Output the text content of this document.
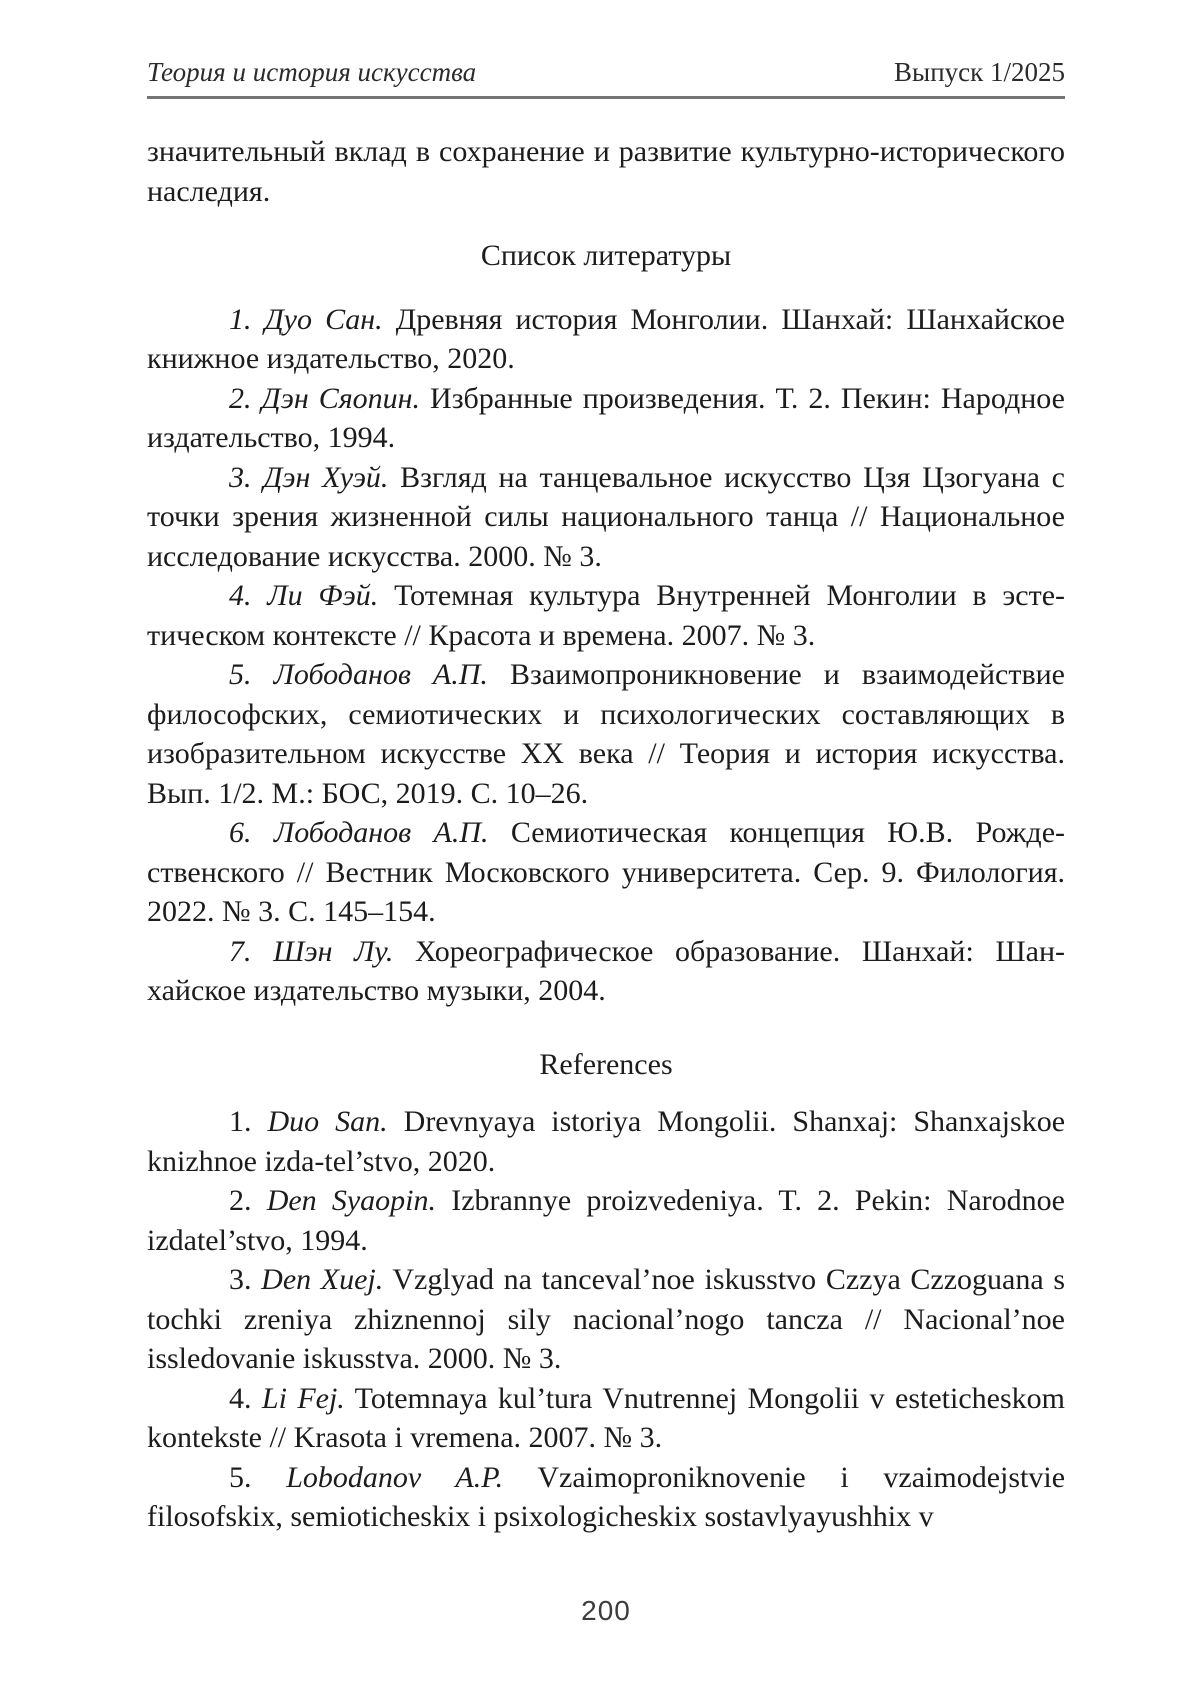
Теория и история искусства	Выпуск 1/2025

значительный вклад в сохранение и развитие культурно-исторического наследия.

Список литературы

1. Дуо Сан. Древняя история Монголии. Шанхай: Шанхайское книжное издательство, 2020.

2. Дэн Сяопин. Избранные произведения. Т. 2. Пекин: Народное издательство, 1994.

3. Дэн Хуэй. Взгляд на танцевальное искусство Цзя Цзогуана с точки зрения жизненной силы национального танца // Национальное исследование искусства. 2000. № 3.

4. Ли Фэй. Тотемная культура Внутренней Монголии в эстетическом контексте // Красота и времена. 2007. № 3.

5. Лободанов А.П. Взаимопроникновение и взаимодействие философских, семиотических и психологических составляющих в изобразительном искусстве XX века // Теория и история искусства. Вып. 1/2. М.: БОС, 2019. С. 10–26.

6. Лободанов А.П. Семиотическая концепция Ю.В. Рождественского // Вестник Московского университета. Сер. 9. Филология. 2022. № 3. С. 145–154.

7. Шэн Лу. Хореографическое образование. Шанхай: Шанхайское издательство музыки, 2004.

References

1. Duo San. Drevnyaya istoriya Mongolii. Shanxaj: Shanxajskoe knizhnoe izda-tel’stvo, 2020.

2. Den Syaopin. Izbrannye proizvedeniya. T. 2. Pekin: Narodnoe izdatel’stvo, 1994.

3. Den Xuej. Vzglyad na tanceval’noe iskusstvo Czzya Czzoguana s tochki zreniya zhiznennoj sily nacional’nogo tancza // Nacional’noe issledovanie iskusstva. 2000. № 3.

4. Li Fej. Totemnaya kul’tura Vnutrennej Mongolii v esteticheskom kontekste // Krasota i vremena. 2007. № 3.

5. Lobodanov A.P. Vzaimoproniknovenie i vzaimodejstvie filosofskix, semioticheskix i psixologicheskix sostavlyayushhix v

200
